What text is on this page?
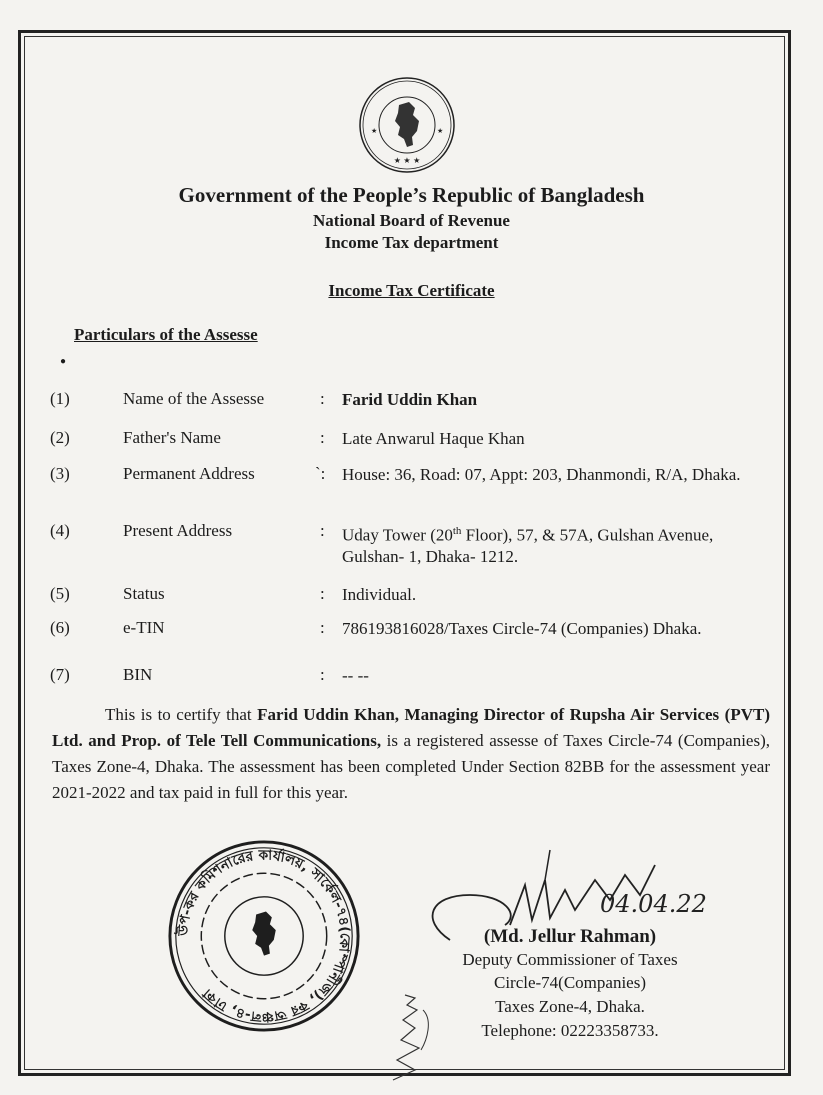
★ ★ ★
★	★
Government of the People’s Republic of Bangladesh
National Board of Revenue
Income Tax department
Income Tax Certificate
Particulars of the Assesse
●
(1)	Name of the Assesse	: Farid Uddin Khan
(2)	Father's Name	: Late Anwarul Haque Khan
(3)	Permanent Address	`: House: 36, Road: 07, Appt: 203, Dhanmondi, R/A, Dhaka.
(4)	Present Address	: Uday Tower (20th Floor), 57, & 57A, Gulshan Avenue, Gulshan- 1, Dhaka- 1212.
(5)	Status	: Individual.
(6)	e-TIN	: 786193816028/Taxes Circle-74 (Companies) Dhaka.
(7)	BIN	: -- --
This is to certify that Farid Uddin Khan, Managing Director of Rupsha Air Services (PVT) Ltd. and Prop. of Tele Tell Communications, is a registered assesse of Taxes Circle-74 (Companies), Taxes Zone-4, Dhaka. The assessment has been completed Under Section 82BB for the assessment year 2021-2022 and tax paid in full for this year.
উপ-কর কমিশনারের কার্যালয়, সার্কেল-৭৪(কোম্পানীজ), কর অঞ্চল-৪, ঢাকা
04.04.22
(Md. Jellur Rahman)
Deputy Commissioner of Taxes
Circle-74(Companies)
Taxes Zone-4, Dhaka.
Telephone: 02223358733.
